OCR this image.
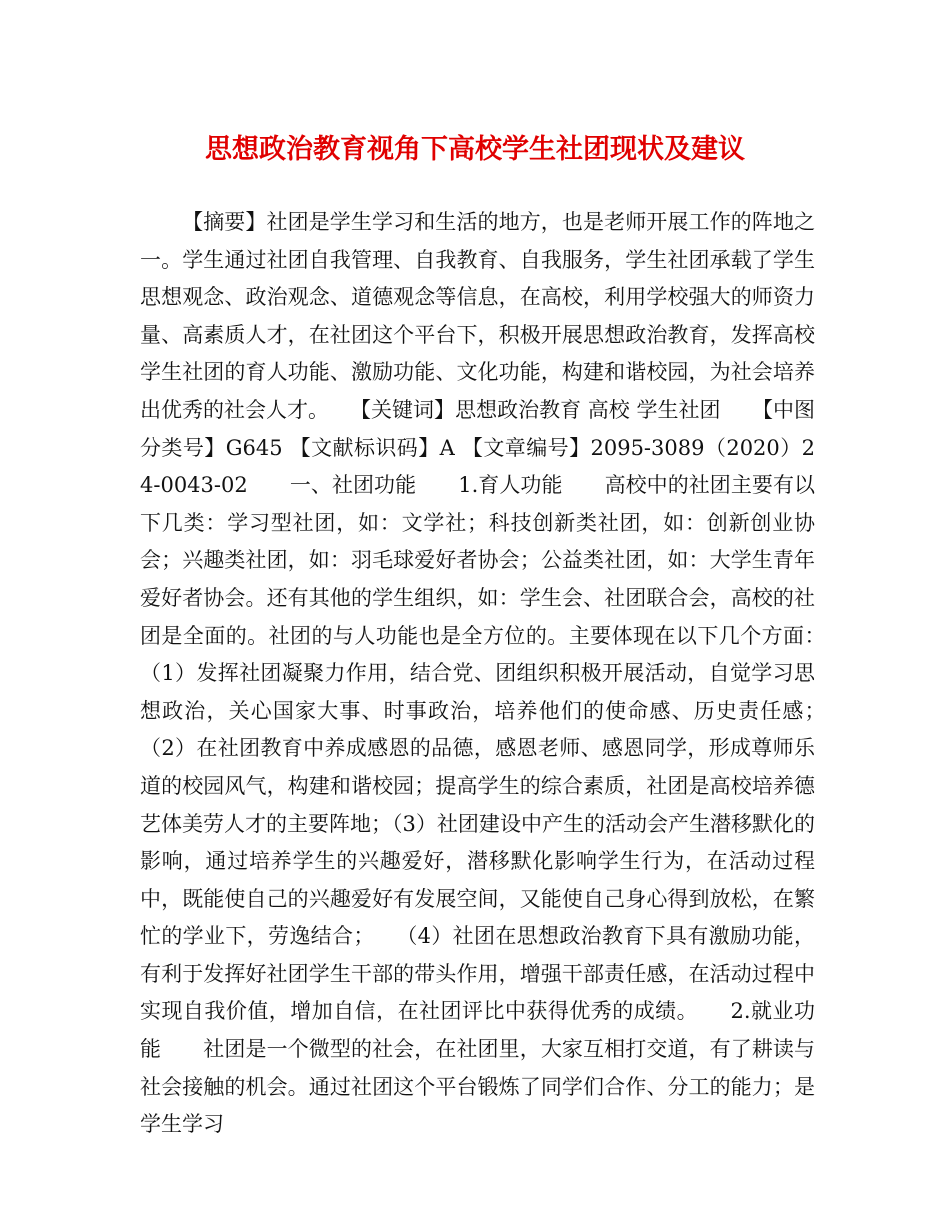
思想政治教育视角下高校学生社团现状及建议

【摘要】社团是学生学习和生活的地方，也是老师开展工作的阵地之一。学生通过社团自我管理、自我教育、自我服务，学生社团承载了学生思想观念、政治观念、道德观念等信息，在高校，利用学校强大的师资力量、高素质人才，在社团这个平台下，积极开展思想政治教育，发挥高校学生社团的育人功能、激励功能、文化功能，构建和谐校园，为社会培养出优秀的社会人才。　　【关键词】思想政治教育 高校 学生社团　　【中图分类号】G645 【文献标识码】A 【文章编号】2095-3089（2020）24-0043-02　　一、社团功能　　1.育人功能　　高校中的社团主要有以下几类：学习型社团，如：文学社；科技创新类社团，如：创新创业协会；兴趣类社团，如：羽毛球爱好者协会；公益类社团，如：大学生青年爱好者协会。还有其他的学生组织，如：学生会、社团联合会，高校的社团是全面的。社团的与人功能也是全方位的。主要体现在以下几个方面：　　（1）发挥社团凝聚力作用，结合党、团组织积极开展活动，自觉学习思想政治，关心国家大事、时事政治，培养他们的使命感、历史责任感；　　（2）在社团教育中养成感恩的品德，感恩老师、感恩同学，形成尊师乐道的校园风气，构建和谐校园；提高学生的综合素质，社团是高校培养德艺体美劳人才的主要阵地；（3）社团建设中产生的活动会产生潜移默化的影响，通过培养学生的兴趣爱好，潜移默化影响学生行为，在活动过程中，既能使自己的兴趣爱好有发展空间，又能使自己身心得到放松，在繁忙的学业下，劳逸结合；　　（4）社团在思想政治教育下具有激励功能，有利于发挥好社团学生干部的带头作用，增强干部责任感，在活动过程中实现自我价值，增加自信，在社团评比中获得优秀的成绩。　　2.就业功能　　社团是一个微型的社会，在社团里，大家互相打交道，有了耕读与社会接触的机会。通过社团这个平台锻炼了同学们合作、分工的能力；是学生学习
